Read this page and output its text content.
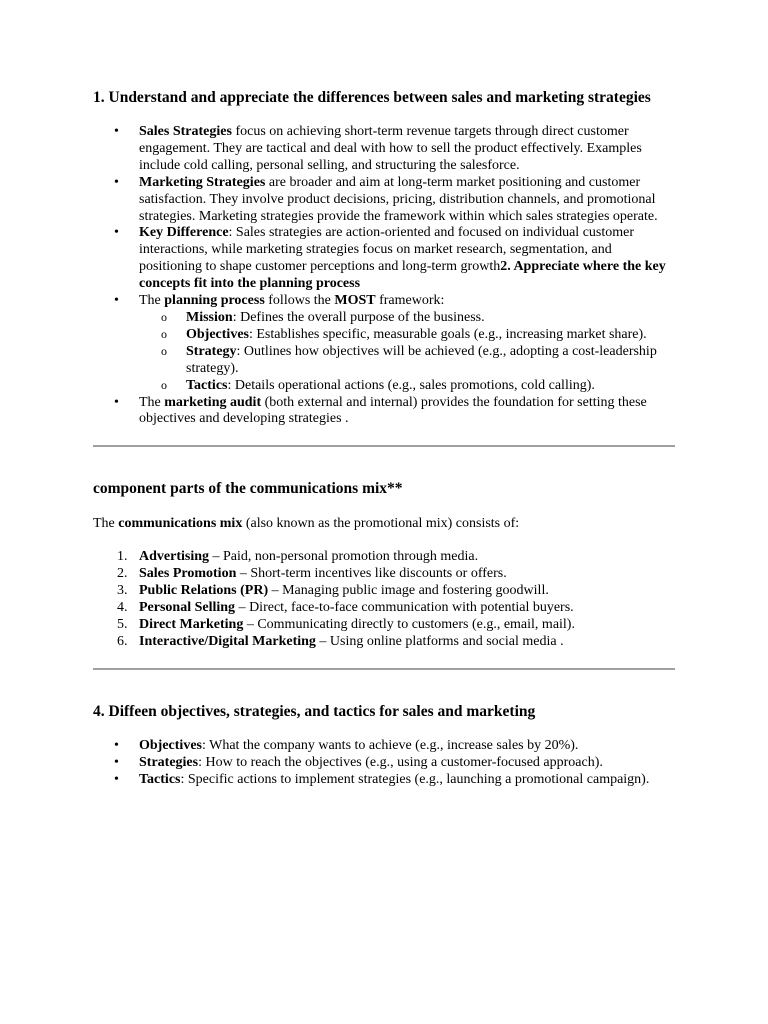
1. Understand and appreciate the differences between sales and marketing strategies
• Sales Strategies focus on achieving short-term revenue targets through direct customer engagement. They are tactical and deal with how to sell the product effectively. Examples include cold calling, personal selling, and structuring the salesforce.
• Marketing Strategies are broader and aim at long-term market positioning and customer satisfaction. They involve product decisions, pricing, distribution channels, and promotional strategies. Marketing strategies provide the framework within which sales strategies operate.
• Key Difference: Sales strategies are action-oriented and focused on individual customer interactions, while marketing strategies focus on market research, segmentation, and positioning to shape customer perceptions and long-term growth2. Appreciate where the key concepts fit into the planning process
• The planning process follows the MOST framework:
o Mission: Defines the overall purpose of the business.
o Objectives: Establishes specific, measurable goals (e.g., increasing market share).
o Strategy: Outlines how objectives will be achieved (e.g., adopting a cost-leadership strategy).
o Tactics: Details operational actions (e.g., sales promotions, cold calling).
• The marketing audit (both external and internal) provides the foundation for setting these objectives and developing strategies .
component parts of the communications mix**

The communications mix (also known as the promotional mix) consists of:

1. Advertising – Paid, non-personal promotion through media.
2. Sales Promotion – Short-term incentives like discounts or offers.
3. Public Relations (PR) – Managing public image and fostering goodwill.
4. Personal Selling – Direct, face-to-face communication with potential buyers.
5. Direct Marketing – Communicating directly to customers (e.g., email, mail).
6. Interactive/Digital Marketing – Using online platforms and social media .
4. Diffeen objectives, strategies, and tactics for sales and marketing
• Objectives: What the company wants to achieve (e.g., increase sales by 20%).
• Strategies: How to reach the objectives (e.g., using a customer-focused approach).
• Tactics: Specific actions to implement strategies (e.g., launching a promotional campaign).
